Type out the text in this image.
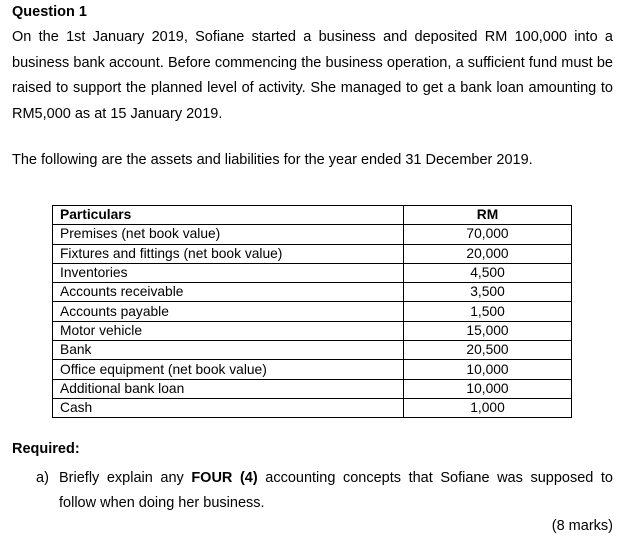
Question 1
On the 1st January 2019, Sofiane started a business and deposited RM 100,000 into a business bank account. Before commencing the business operation, a sufficient fund must be raised to support the planned level of activity. She managed to get a bank loan amounting to RM5,000 as at 15 January 2019.
The following are the assets and liabilities for the year ended 31 December 2019.
Particulars	RM
Premises (net book value)	70,000
Fixtures and fittings (net book value)	20,000
Inventories	4,500
Accounts receivable	3,500
Accounts payable	1,500
Motor vehicle	15,000
Bank	20,500
Office equipment (net book value)	10,000
Additional bank loan	10,000
Cash	1,000
Required:
a) Briefly explain any FOUR (4) accounting concepts that Sofiane was supposed to
follow when doing her business.
(8 marks)
